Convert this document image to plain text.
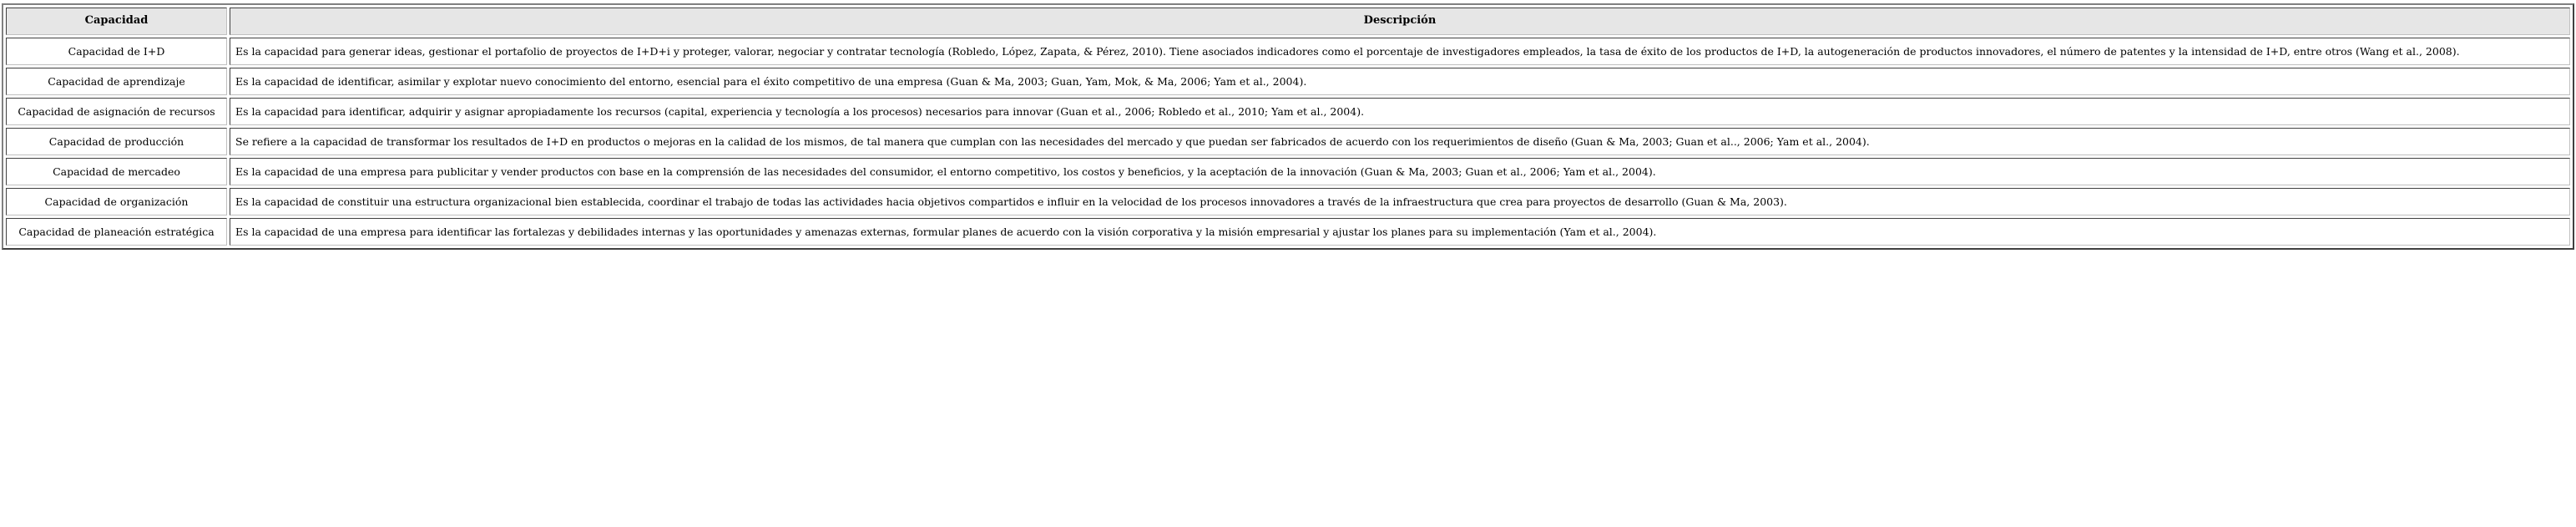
Capacidad	Descripción
Capacidad de I+D	Es la capacidad para generar ideas, gestionar el portafolio de proyectos de I+D+i y proteger, valorar, negociar y contratar tecnología (Robledo, López, Zapata, & Pérez, 2010). Tiene asociados indicadores como el porcentaje de investigadores empleados, la tasa de éxito de los productos de I+D, la autogeneración de productos innovadores, el número de patentes y la intensidad de I+D, entre otros (Wang et al., 2008).
Capacidad de aprendizaje	Es la capacidad de identificar, asimilar y explotar nuevo conocimiento del entorno, esencial para el éxito competitivo de una empresa (Guan & Ma, 2003; Guan, Yam, Mok, & Ma, 2006; Yam et al., 2004).
Capacidad de asignación de recursos	Es la capacidad para identificar, adquirir y asignar apropiadamente los recursos (capital, experiencia y tecnología a los procesos) necesarios para innovar (Guan et al., 2006; Robledo et al., 2010; Yam et al., 2004).
Capacidad de producción	Se refiere a la capacidad de transformar los resultados de I+D en productos o mejoras en la calidad de los mismos, de tal manera que cumplan con las necesidades del mercado y que puedan ser fabricados de acuerdo con los requerimientos de diseño (Guan & Ma, 2003; Guan et al.., 2006; Yam et al., 2004).
Capacidad de mercadeo	Es la capacidad de una empresa para publicitar y vender productos con base en la comprensión de las necesidades del consumidor, el entorno competitivo, los costos y beneficios, y la aceptación de la innovación (Guan & Ma, 2003; Guan et al., 2006; Yam et al., 2004).
Capacidad de organización	Es la capacidad de constituir una estructura organizacional bien establecida, coordinar el trabajo de todas las actividades hacia objetivos compartidos e influir en la velocidad de los procesos innovadores a través de la infraestructura que crea para proyectos de desarrollo (Guan & Ma, 2003).
Capacidad de planeación estratégica	Es la capacidad de una empresa para identificar las fortalezas y debilidades internas y las oportunidades y amenazas externas, formular planes de acuerdo con la visión corporativa y la misión empresarial y ajustar los planes para su implementación (Yam et al., 2004).
